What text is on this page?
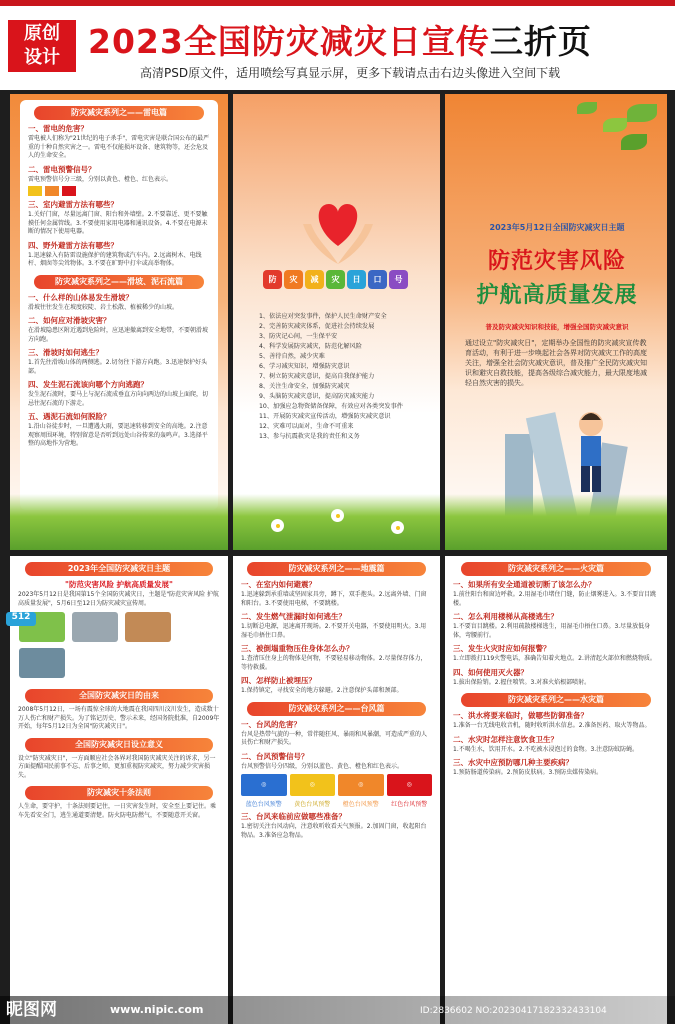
原创
设计 2023全国防灾减灾日宣传三折页
高清PSD原文件，适用喷绘写真显示屏，更多下载请点击右边头像进入空间下载
防灾减灾系列之——雷电篇
一、雷电的危害？
雷电被人们称为"21世纪的电子杀手"，雷电灾害是联合国公布的最严重的十种自然灾害之一。雷电不仅能损坏设备、建筑物等，还会危及人的生命安全。
二、雷电预警信号？
雷电预警信号分三级，分别以黄色、橙色、红色表示。
三、室内避雷方法有哪些？
1.关好门窗，尽量远离门窗、阳台和外墙壁。2.不要靠近、更不要触摸任何金属管线。3.不要使用家用电器和通讯设备。4.不要在电源未断的情况下使用电器。
四、野外避雷方法有哪些？
1.迅速躲入有防雷设施保护的建筑物或汽车内。2.远离树木、电线杆、烟囱等尖耸物体。3.不要在旷野中打伞或高举物体。
防灾减灾系列之——滑坡、泥石流篇
一、什么样的山体易发生滑坡？
滑坡往往发生在坡度较陡、岩土松散、植被稀少的山坡。
二、如何应对滑坡灾害？
在滑坡隐患区附近遇到危险时，应迅速撤离到安全地带，不要朝滑坡方向跑。
三、滑坡时如何逃生？
1.首先往滑坡山体的两侧逃。2.切勿往下游方向跑。3.迅速保护好头部。
四、发生泥石流该向哪个方向逃跑？
发生泥石流时，要马上与泥石流成垂直方向向两边的山坡上面爬，切忌往泥石流的下游走。
五、遇泥石流如何脱险？
1.沿山谷徒步时，一旦遭遇大雨，要迅速转移到安全的高地。2.注意观察周围环境，特别留意是否听到远处山谷传来的轰鸣声。3.选择平整的高地作为营地。
防	灾	减	灾	日	口	号
1、依法应对突发事件，保护人民生命财产安全
2、完善防灾减灾体系，促进社会持续发展
3、防灾记心间，一生保平安
4、科学发展防灾减灾，防范化解风险
5、善待自然，减少灾难
6、学习减灾知识，增强防灾意识
7、树立防灾减灾意识，提高自我保护能力
8、关注生命安全，加强防灾减灾
9、头脑防灾减灾意识，提高防灾减灾能力
10、加强应急物资储备保障，有效应对各类突发事件
11、开展防灾减灾宣传活动，增强防灾减灾意识
12、灾难可以面对，生命不可重来
13、参与抗震救灾是我的责任和义务
2023年5月12日全国防灾减灾日主题
防范灾害风险
护航高质量发展
普及防灾减灾知识和技能，增强全国防灾减灾意识
通过设立"防灾减灾日"，定期举办全国性的防灾减灾宣传教育活动，有利于进一步唤起社会各界对防灾减灾工作的高度关注，增强全社会防灾减灾意识，普及推广全民防灾减灾知识和避灾自救技能，提高各级综合减灾能力，最大限度地减轻自然灾害的损失。
2023年全国防灾减灾日主题
"防范灾害风险 护航高质量发展"
2023年5月12日是我国第15个全国防灾减灾日，主题是"防范灾害风险 护航高质量发展"，5月6日至12日为防灾减灾宣传周。

全国防灾减灾日的由来
2008年5月12日，一场有震惊全球的大地震在我国四川汶川发生，造成数十万人伤亡和财产损失。为了铭记历史、警示未来，经国务院批准，自2009年开始，每年5月12日为全国"防灾减灾日"。
全国防灾减灾日设立意义
设立"防灾减灾日"，一方面顺应社会各界对我国防灾减灾关注的诉求，另一方面提醒国民前事不忘、后事之师，更加重视防灾减灾，努力减少灾害损失。
防灾减灾十条法则
人生命，要守护，十条法则要记住，一日灾害发生时，安全至上要记住。乘车先看安全门，逃生通道要清楚。防火防电防燃气，不要随意开关窗。
512
防灾减灾系列之——地震篇
一、在室内如何避震？
1.迅速躲到承重墙或坚固家具旁，蹲下，双手抱头。2.远离外墙、门窗和阳台。3.不要使用电梯，不要跳楼。
二、发生燃气泄漏时如何逃生？
1.切断总电源，迅速离开现场。2.不要开关电器，不要使用明火。3.用湿毛巾捂住口鼻。
三、被倒塌重物压住身体怎么办？
1.查清压住身上的物体是何物，不要轻易移动物体。2.尽量保存体力，等待救援。
四、怎样防止被埋压？
1.保持镇定，寻找安全的地方躲避。2.注意保护头部和颈部。
防灾减灾系列之——台风篇
一、台风的危害？
台风是热带气旋的一种，常伴随狂风、暴雨和风暴潮，可造成严重的人员伤亡和财产损失。
二、台风预警信号？
台风预警信号分四级，分别以蓝色、黄色、橙色和红色表示。
◎	◎	◎	◎
蓝色台风预警	黄色台风预警	橙色台风预警	红色台风预警
三、台风来临前应做哪些准备？
1.密切关注台风动向，注意收听收看天气预报。2.加固门窗，收起阳台物品。3.准备应急物品。
防灾减灾系列之——火灾篇
一、如果所有安全通道被切断了该怎么办？
1.前往阳台和窗边呼救。2.用湿毛巾堵住门缝，防止烟雾进入。3.不要盲目跳楼。
二、怎么利用楼梯从高楼逃生？
1.不要盲目跳楼。2.利用疏散楼梯逃生，用湿毛巾捂住口鼻。3.尽量放低身体，弯腰前行。
三、发生火灾时应如何报警？
1.立即拨打119火警电话，准确告知着火地点。2.讲清起火部位和燃烧物质。
四、如何使用灭火器？
1.拔出保险销。2.握住喷管。3.对准火焰根部喷射。
防灾减灾系列之——水灾篇
一、洪水将要来临时，做哪些防御准备？
1.准备一台无线电收音机，随时收听洪水信息。2.准备医药、取火等物品。
二、水灾时怎样注意饮食卫生？
1.不喝生水，饮用开水。2.不吃被水浸泡过的食物。3.注意防蚊防蝇。
三、水灾中应预防哪几种主要疾病？
1.预防肠道传染病。2.预防皮肤病。3.预防虫媒传染病。
昵图网	www.nipic.com	ID:2836602 NO:20230417182332433104
